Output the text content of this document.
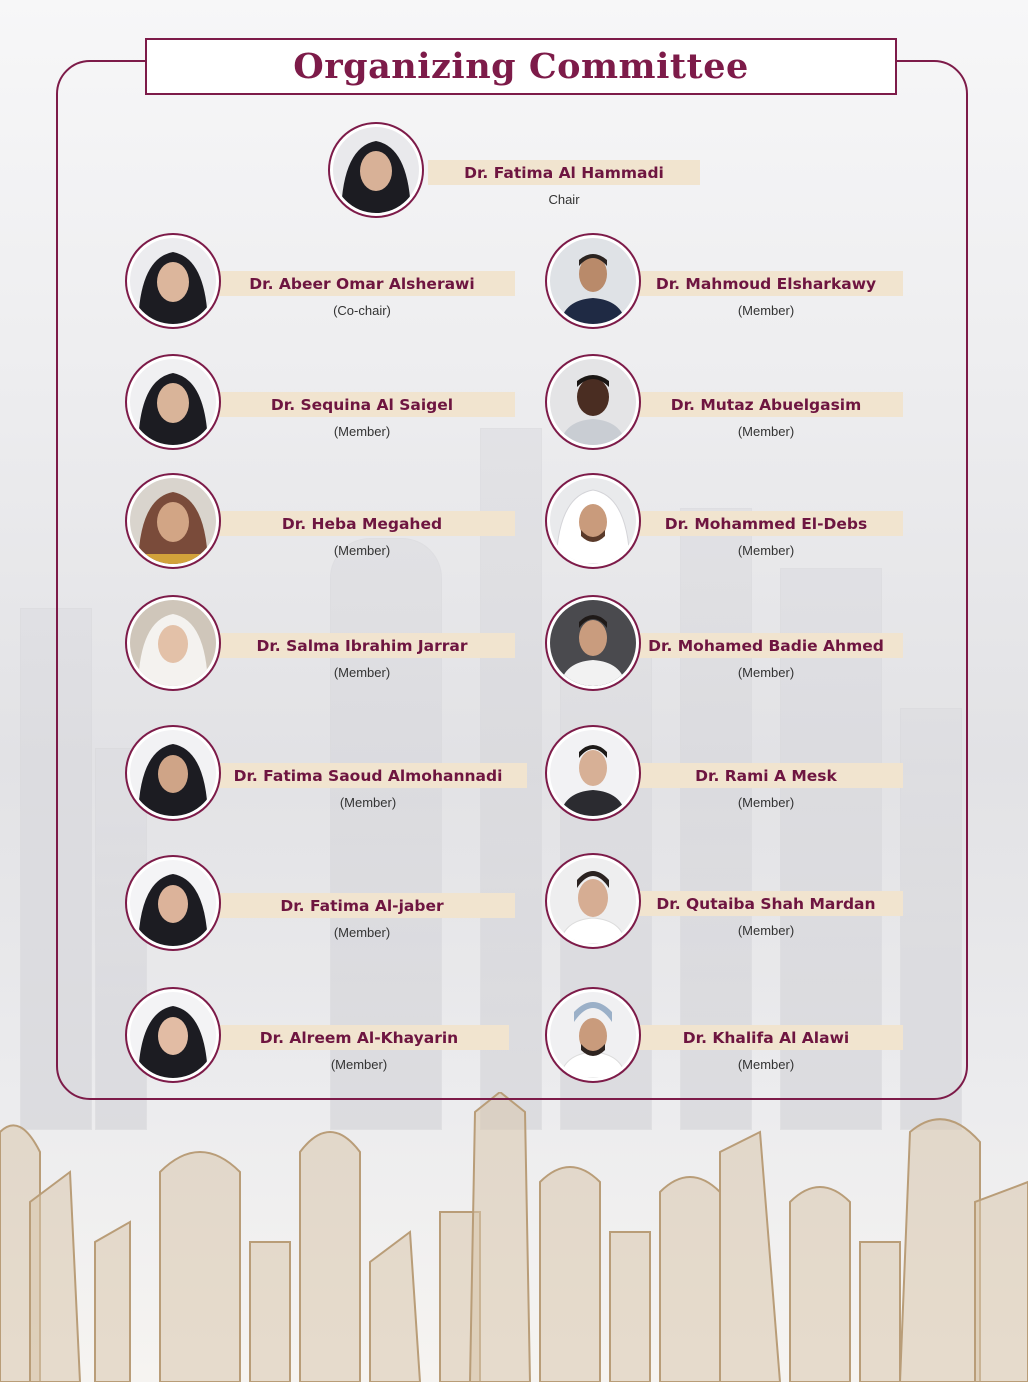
Organizing Committee
Dr. Fatima Al Hammadi
Chair
Dr. Abeer Omar Alsherawi
(Co-chair)
Dr. Sequina Al Saigel
(Member)
Dr. Heba Megahed
(Member)
Dr. Salma Ibrahim Jarrar
(Member)
Dr. Fatima Saoud Almohannadi
(Member)
Dr. Fatima Al-jaber
(Member)
Dr. Alreem Al-Khayarin
(Member)
Dr. Mahmoud Elsharkawy
(Member)
Dr. Mutaz Abuelgasim
(Member)
Dr. Mohammed El-Debs
(Member)
Dr. Mohamed Badie Ahmed
(Member)
Dr. Rami A Mesk
(Member)
Dr. Qutaiba Shah Mardan
(Member)
Dr. Khalifa Al Alawi
(Member)
